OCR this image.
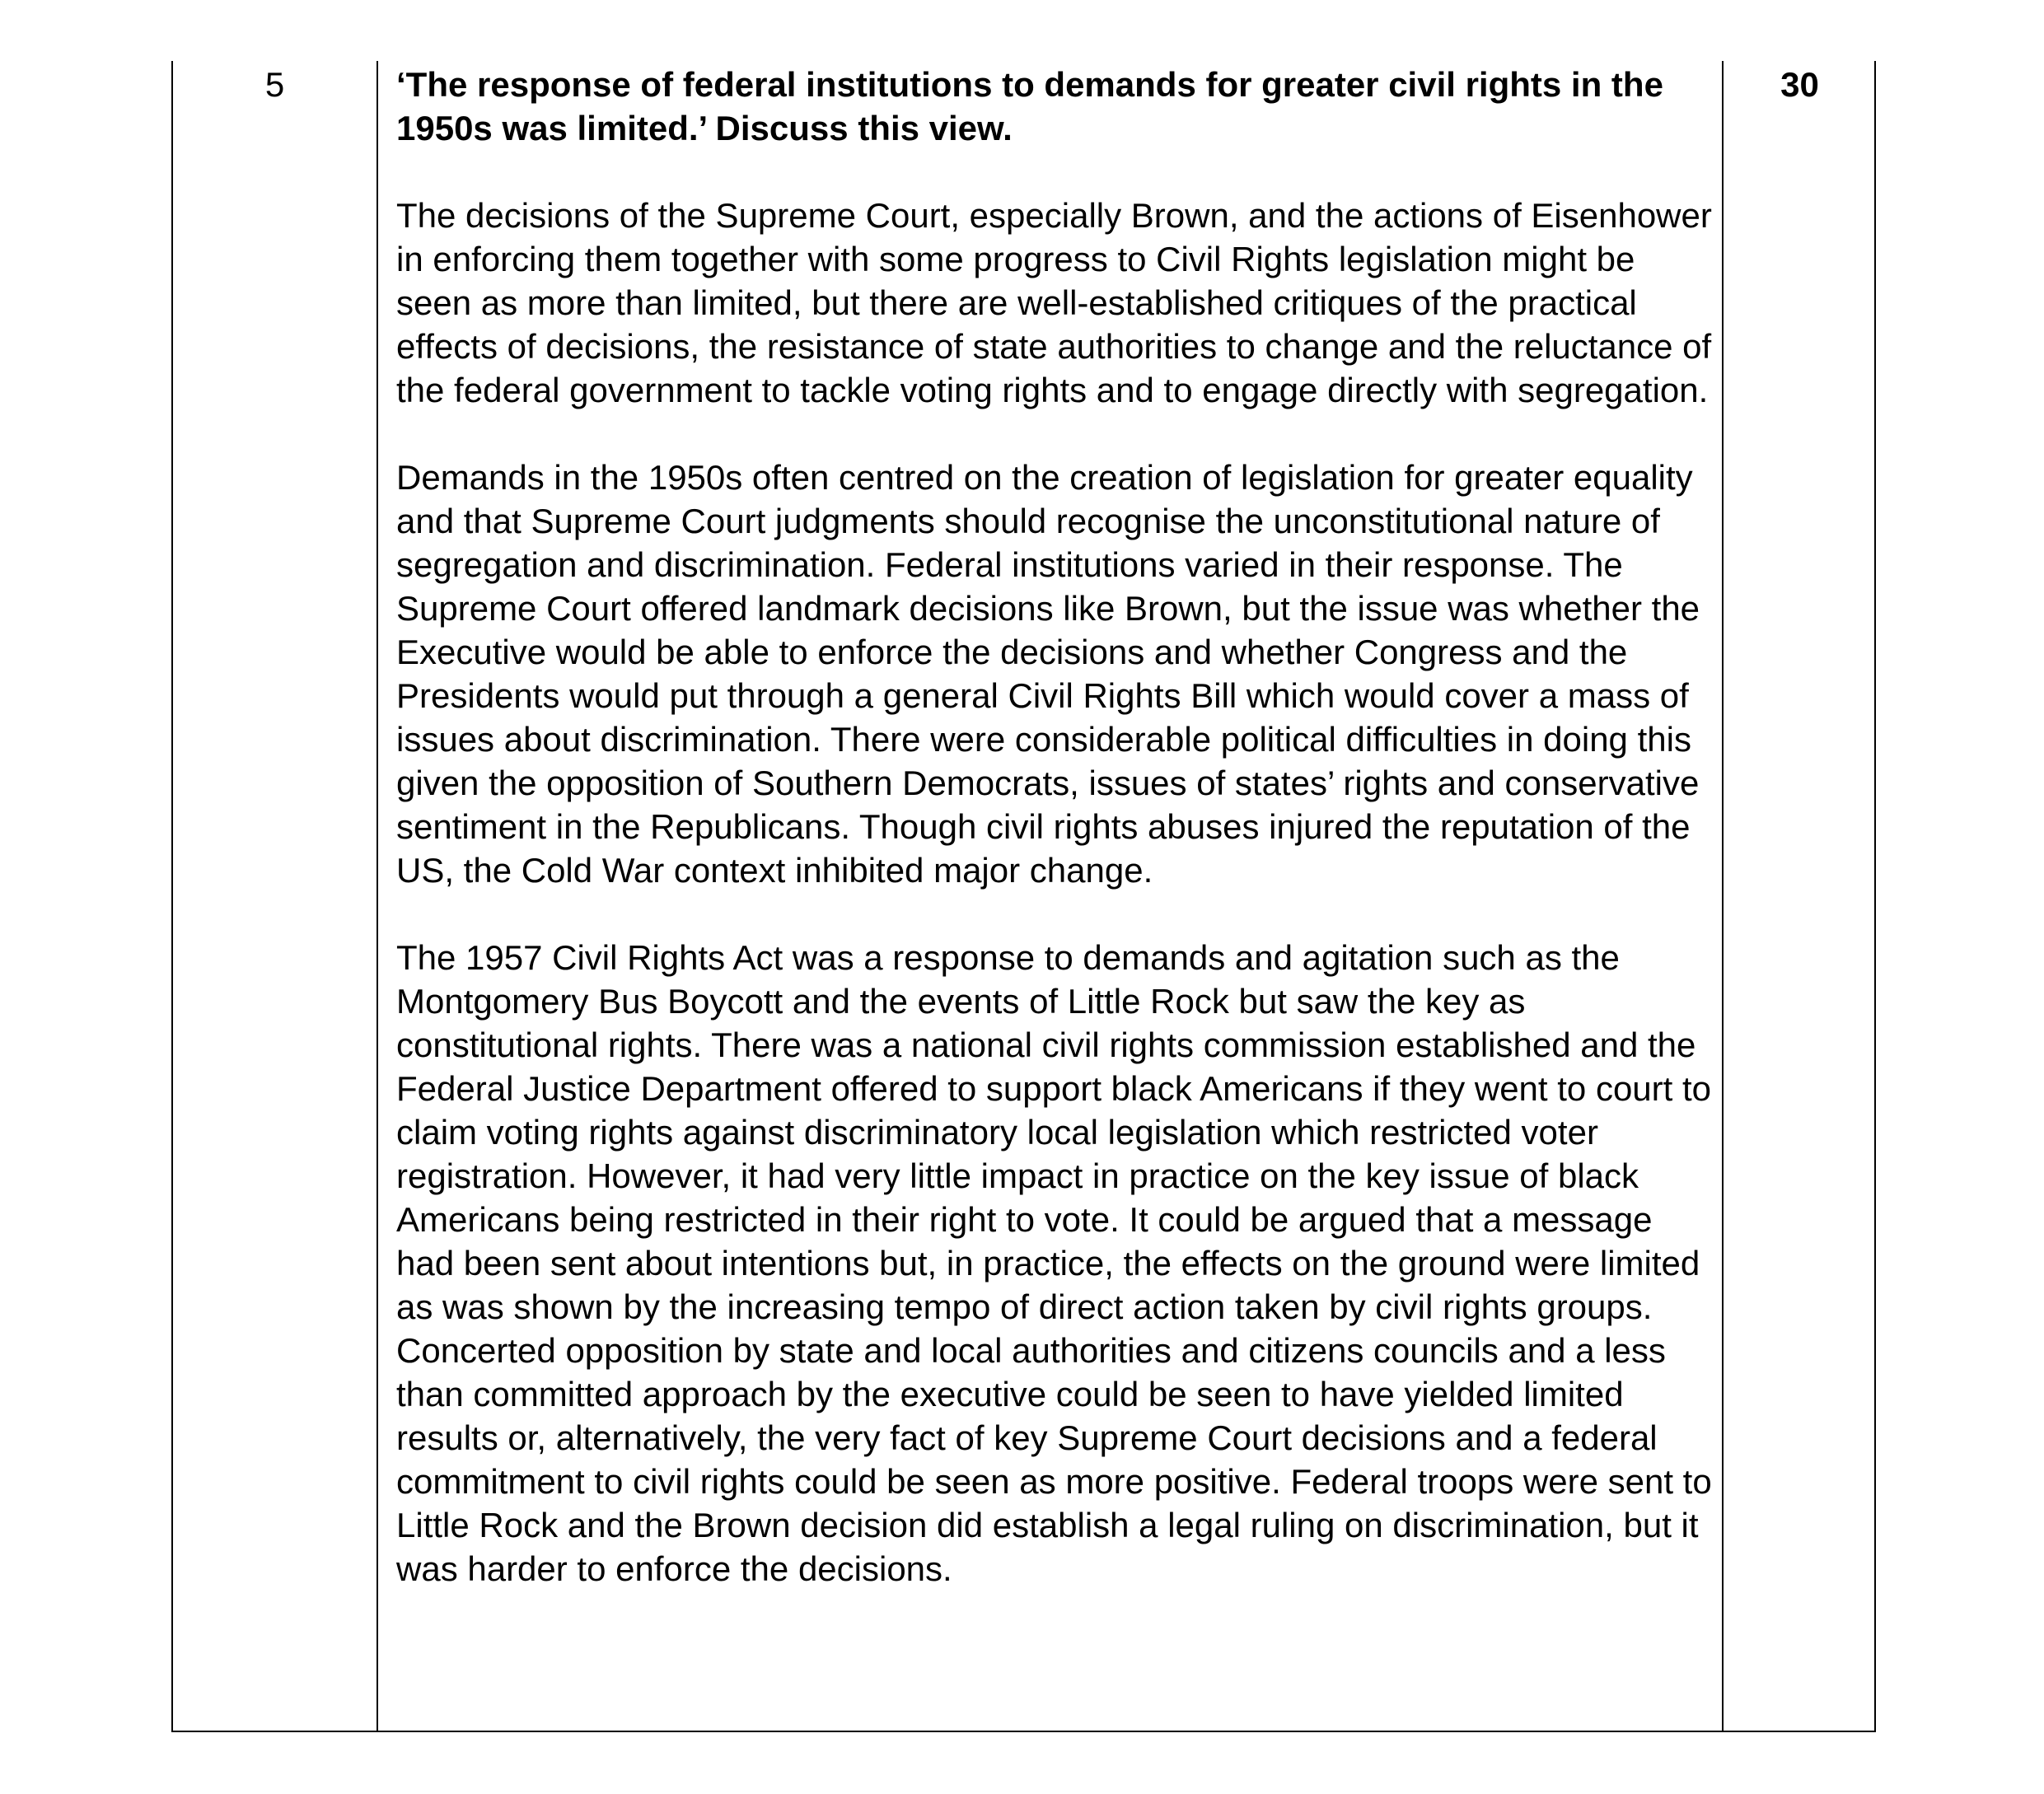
5	‘The response of federal institutions to demands for greater civil rights in the 1950s was limited.’ Discuss this view.

The decisions of the Supreme Court, especially Brown, and the actions of Eisenhower in enforcing them together with some progress to Civil Rights legislation might be seen as more than limited, but there are well-established critiques of the practical effects of decisions, the resistance of state authorities to change and the reluctance of the federal government to tackle voting rights and to engage directly with segregation.

Demands in the 1950s often centred on the creation of legislation for greater equality and that Supreme Court judgments should recognise the unconstitutional nature of segregation and discrimination. Federal institutions varied in their response. The Supreme Court offered landmark decisions like Brown, but the issue was whether the Executive would be able to enforce the decisions and whether Congress and the Presidents would put through a general Civil Rights Bill which would cover a mass of issues about discrimination. There were considerable political difficulties in doing this given the opposition of Southern Democrats, issues of states’ rights and conservative sentiment in the Republicans. Though civil rights abuses injured the reputation of the US, the Cold War context inhibited major change.

The 1957 Civil Rights Act was a response to demands and agitation such as the Montgomery Bus Boycott and the events of Little Rock but saw the key as constitutional rights. There was a national civil rights commission established and the Federal Justice Department offered to support black Americans if they went to court to claim voting rights against discriminatory local legislation which restricted voter registration. However, it had very little impact in practice on the key issue of black Americans being restricted in their right to vote. It could be argued that a message had been sent about intentions but, in practice, the effects on the ground were limited as was shown by the increasing tempo of direct action taken by civil rights groups. Concerted opposition by state and local authorities and citizens councils and a less than committed approach by the executive could be seen to have yielded limited results or, alternatively, the very fact of key Supreme Court decisions and a federal commitment to civil rights could be seen as more positive. Federal troops were sent to Little Rock and the Brown decision did establish a legal ruling on discrimination, but it was harder to enforce the decisions.

30
